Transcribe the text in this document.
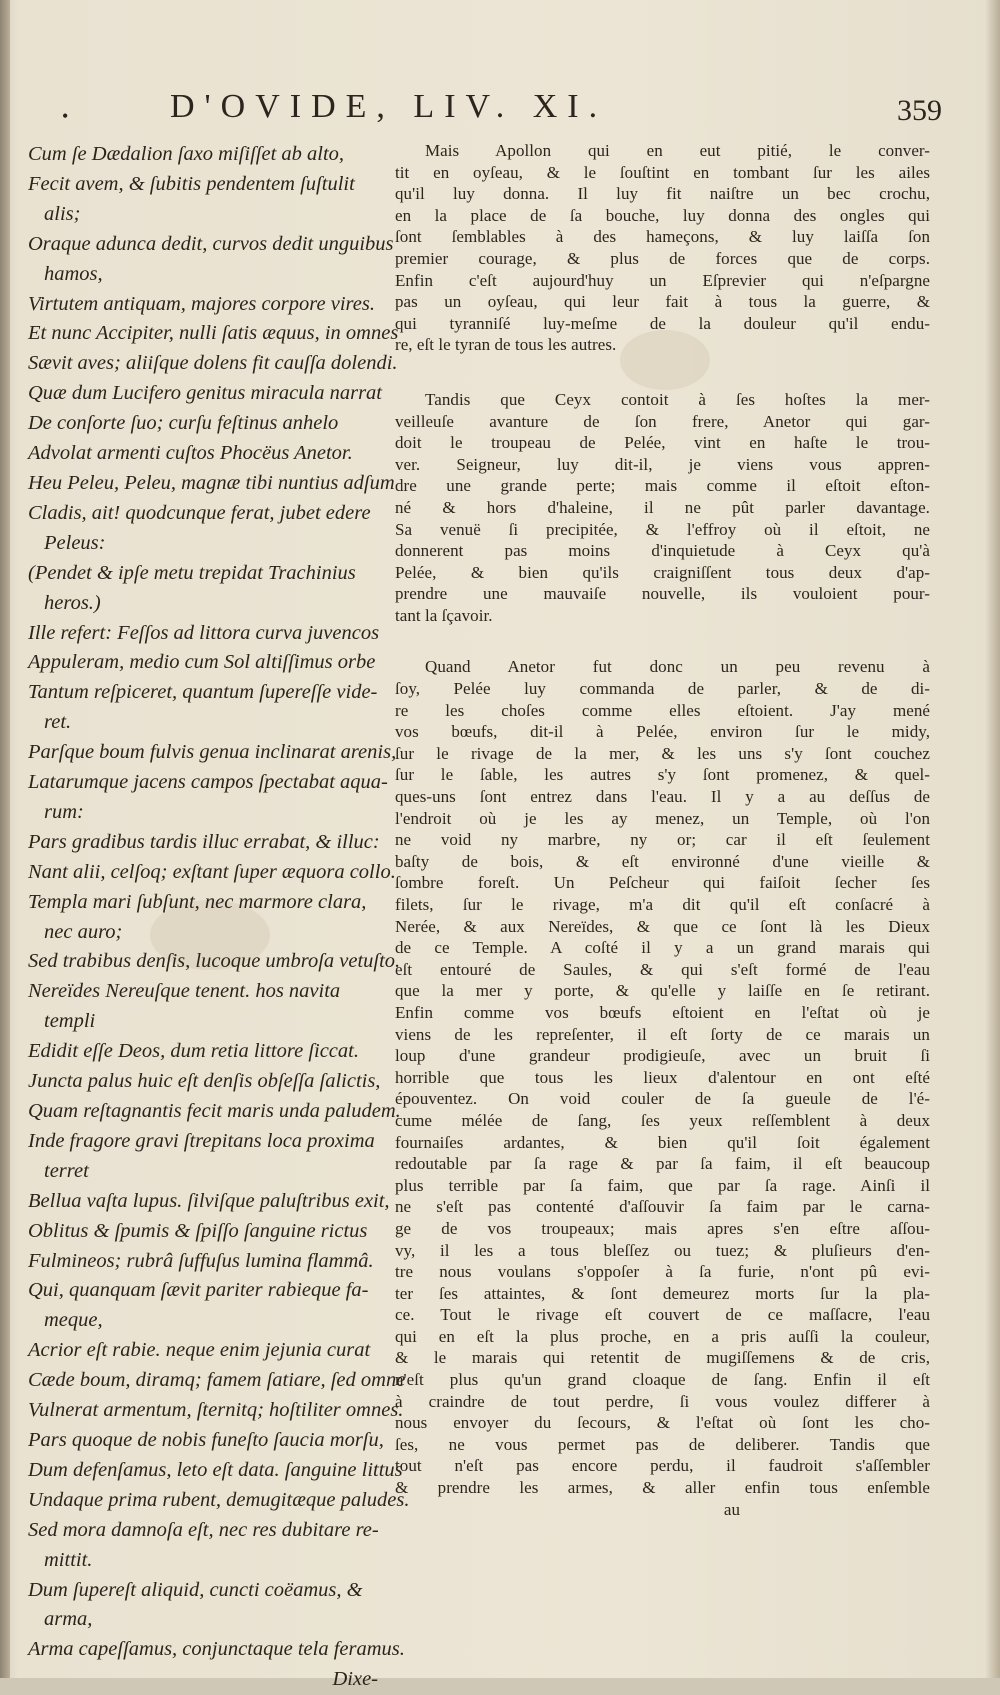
•	D'OVIDE, LIV. XI.	359
Cum ſe Dædalion ſaxo miſiſſet ab alto,
Fecit avem, & ſubitis pendentem ſuſtulit
alis;
Oraque adunca dedit, curvos dedit unguibus
hamos,
Virtutem antiquam, majores corpore vires.
Et nunc Accipiter, nulli ſatis æquus, in omnes
Sævit aves; aliiſque dolens fit cauſſa dolendi.
Quæ dum Lucifero genitus miracula narrat
De conſorte ſuo; curſu feſtinus anhelo
Advolat armenti cuſtos Phocëus Anetor.
Heu Peleu, Peleu, magnæ tibi nuntius adſum
Cladis, ait! quodcunque ferat, jubet edere
Peleus:
(Pendet & ipſe metu trepidat Trachinius
heros.)
Ille refert: Feſſos ad littora curva juvencos
Appuleram, medio cum Sol altiſſimus orbe
Tantum reſpiceret, quantum ſupereſſe vide-
ret.
Parſque boum fulvis genua inclinarat arenis,
Latarumque jacens campos ſpectabat aqua-
rum:
Pars gradibus tardis illuc errabat, & illuc:
Nant alii, celſoq; exſtant ſuper æquora collo.
Templa mari ſubſunt, nec marmore clara,
nec auro;
Sed trabibus denſis, lucoque umbroſa vetuſto.
Nereïdes Nereuſque tenent. hos navita
templi
Edidit eſſe Deos, dum retia littore ſiccat.
Juncta palus huic eſt denſis obſeſſa ſalictis,
Quam reſtagnantis fecit maris unda paludem.
Inde fragore gravi ſtrepitans loca proxima
terret
Bellua vaſta lupus. ſilviſque paluſtribus exit,
Oblitus & ſpumis & ſpiſſo ſanguine rictus
Fulmineos; rubrâ ſuffuſus lumina flammâ.
Qui, quanquam ſævit pariter rabieque fa-
meque,
Acrior eſt rabie. neque enim jejunia curat
Cæde boum, diramq; famem ſatiare, ſed omne
Vulnerat armentum, ſternitq; hoſtiliter omnes.
Pars quoque de nobis funeſto ſaucia morſu,
Dum defenſamus, leto eſt data. ſanguine littus
Undaque prima rubent, demugitæque paludes.
Sed mora damnoſa eſt, nec res dubitare re-
mittit.
Dum ſupereſt aliquid, cuncti coëamus, &
arma,
Arma capeſſamus, conjunctaque tela feramus.
Dixe-
Mais Apollon qui en eut pitié, le conver-
tit en oyſeau, & le ſouſtint en tombant ſur les ailes
qu'il luy donna. Il luy fit naiſtre un bec crochu,
en la place de ſa bouche, luy donna des ongles qui
ſont ſemblables à des hameçons, & luy laiſſa ſon
premier courage, & plus de forces que de corps.
Enfin c'eſt aujourd'huy un Eſprevier qui n'eſpargne
pas un oyſeau, qui leur fait à tous la guerre, &
qui tyranniſé luy-meſme de la douleur qu'il endu-
re, eſt le tyran de tous les autres.
Tandis que Ceyx contoit à ſes hoſtes la mer-
veilleuſe avanture de ſon frere, Anetor qui gar-
doit le troupeau de Pelée, vint en haſte le trou-
ver. Seigneur, luy dit-il, je viens vous appren-
dre une grande perte; mais comme il eſtoit eſton-
né & hors d'haleine, il ne pût parler davantage.
Sa venuë ſi precipitée, & l'effroy où il eſtoit, ne
donnerent pas moins d'inquietude à Ceyx qu'à
Pelée, & bien qu'ils craigniſſent tous deux d'ap-
prendre une mauvaiſe nouvelle, ils vouloient pour-
tant la ſçavoir.
Quand Anetor fut donc un peu revenu à
ſoy, Pelée luy commanda de parler, & de di-
re les choſes comme elles eſtoient. J'ay mené
vos bœufs, dit-il à Pelée, environ ſur le midy,
ſur le rivage de la mer, & les uns s'y ſont couchez
ſur le ſable, les autres s'y ſont promenez, & quel-
ques-uns ſont entrez dans l'eau. Il y a au deſſus de
l'endroit où je les ay menez, un Temple, où l'on
ne void ny marbre, ny or; car il eſt ſeulement
baſty de bois, & eſt environné d'une vieille &
ſombre foreſt. Un Peſcheur qui faiſoit ſecher ſes
filets, ſur le rivage, m'a dit qu'il eſt conſacré à
Nerée, & aux Nereïdes, & que ce ſont là les Dieux
de ce Temple. A coſté il y a un grand marais qui
eſt entouré de Saules, & qui s'eſt formé de l'eau
que la mer y porte, & qu'elle y laiſſe en ſe retirant.
Enfin comme vos bœufs eſtoient en l'eſtat où je
viens de les repreſenter, il eſt ſorty de ce marais un
loup d'une grandeur prodigieuſe, avec un bruit ſi
horrible que tous les lieux d'alentour en ont eſté
épouventez. On void couler de ſa gueule de l'é-
cume mélée de ſang, ſes yeux reſſemblent à deux
fournaiſes ardantes, & bien qu'il ſoit également
redoutable par ſa rage & par ſa faim, il eſt beaucoup
plus terrible par ſa faim, que par ſa rage. Ainſi il
ne s'eſt pas contenté d'aſſouvir ſa faim par le carna-
ge de vos troupeaux; mais apres s'en eſtre aſſou-
vy, il les a tous bleſſez ou tuez; & pluſieurs d'en-
tre nous voulans s'oppoſer à ſa furie, n'ont pû evi-
ter ſes attaintes, & ſont demeurez morts ſur la pla-
ce. Tout le rivage eſt couvert de ce maſſacre, l'eau
qui en eſt la plus proche, en a pris auſſi la couleur,
& le marais qui retentit de mugiſſemens & de cris,
n'eſt plus qu'un grand cloaque de ſang. Enfin il eſt
à craindre de tout perdre, ſi vous voulez differer à
nous envoyer du ſecours, & l'eſtat où ſont les cho-
ſes, ne vous permet pas de deliberer. Tandis que
tout n'eſt pas encore perdu, il faudroit s'aſſembler
& prendre les armes, & aller enfin tous enſemble
au
